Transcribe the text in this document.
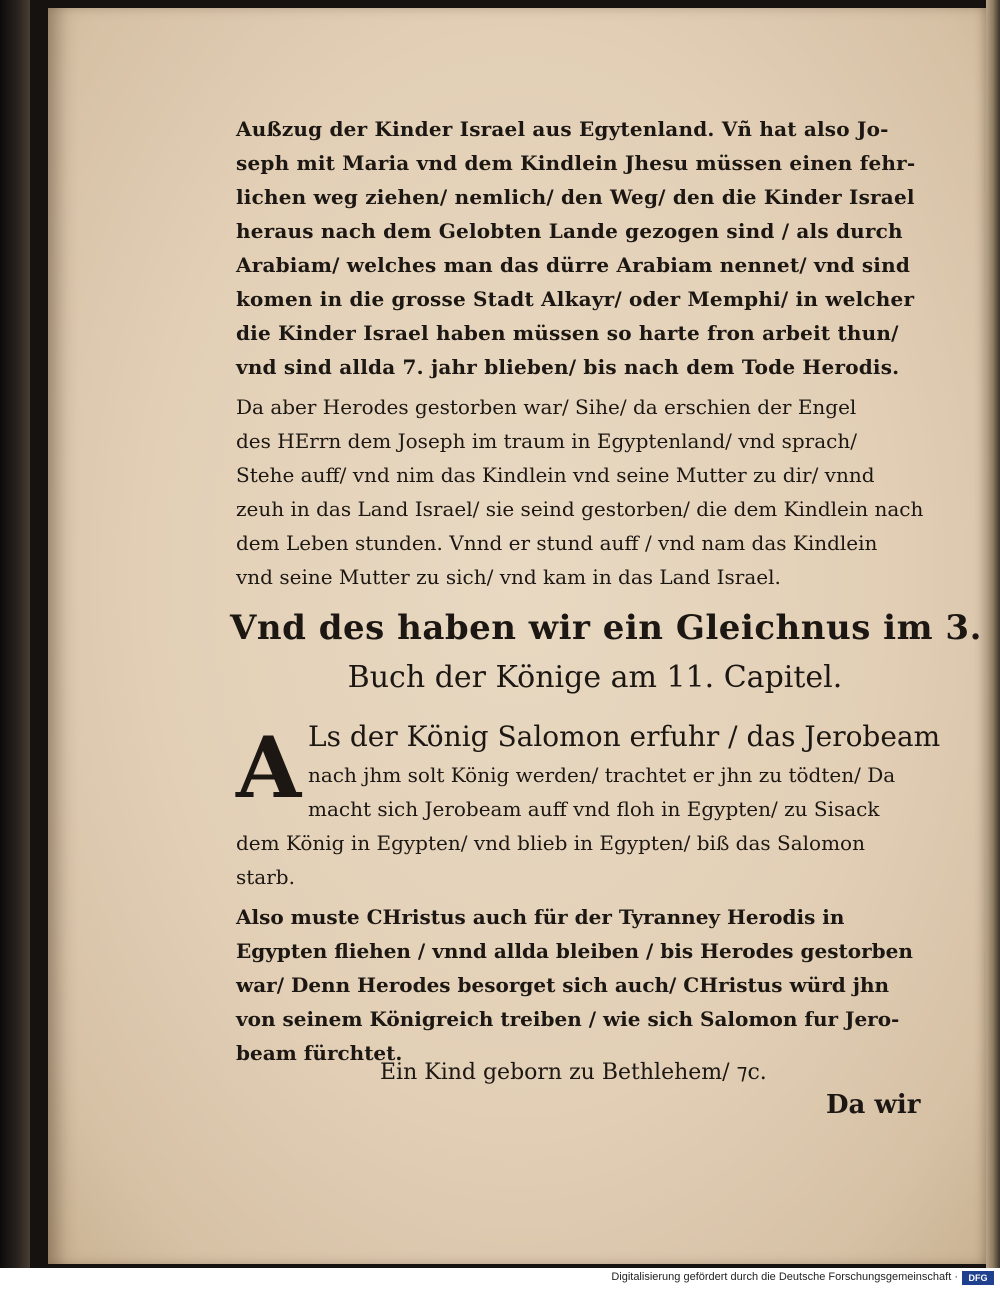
Außzug der Kinder Israel aus Egytenland. Vñ hat also Jo-
seph mit Maria vnd dem Kindlein Jhesu müssen einen fehr-
lichen weg ziehen/ nemlich/ den Weg/ den die Kinder Israel
heraus nach dem Gelobten Lande gezogen sind / als durch
Arabiam/ welches man das dürre Arabiam nennet/ vnd sind
komen in die grosse Stadt Alkayr/ oder Memphi/ in welcher
die Kinder Israel haben müssen so harte fron arbeit thun/
vnd sind allda 7. jahr blieben/ bis nach dem Tode Herodis.
Da aber Herodes gestorben war/ Sihe/ da erschien der Engel
des HErrn dem Joseph im traum in Egyptenland/ vnd sprach/
Stehe auff/ vnd nim das Kindlein vnd seine Mutter zu dir/ vnnd
zeuh in das Land Israel/ sie seind gestorben/ die dem Kindlein nach
dem Leben stunden. Vnnd er stund auff / vnd nam das Kindlein
vnd seine Mutter zu sich/ vnd kam in das Land Israel.
Vnd des haben wir ein Gleichnus im 3.
Buch der Könige am 11. Capitel.
A Ls der König Salomon erfuhr / das Jerobeam
nach jhm solt König werden/ trachtet er jhn zu tödten/ Da
macht sich Jerobeam auff vnd floh in Egypten/ zu Sisack
dem König in Egypten/ vnd blieb in Egypten/ biß das Salomon
starb.
Also muste CHristus auch für der Tyranney Herodis in
Egypten fliehen / vnnd allda bleiben / bis Herodes gestorben
war/ Denn Herodes besorget sich auch/ CHristus würd jhn
von seinem Königreich treiben / wie sich Salomon fur Jero-
beam fürchtet.
Ein Kind geborn zu Bethlehem/ ⁊c.
Da wir
Digitalisierung gefördert durch die Deutsche Forschungsgemeinschaft ·	DFG
